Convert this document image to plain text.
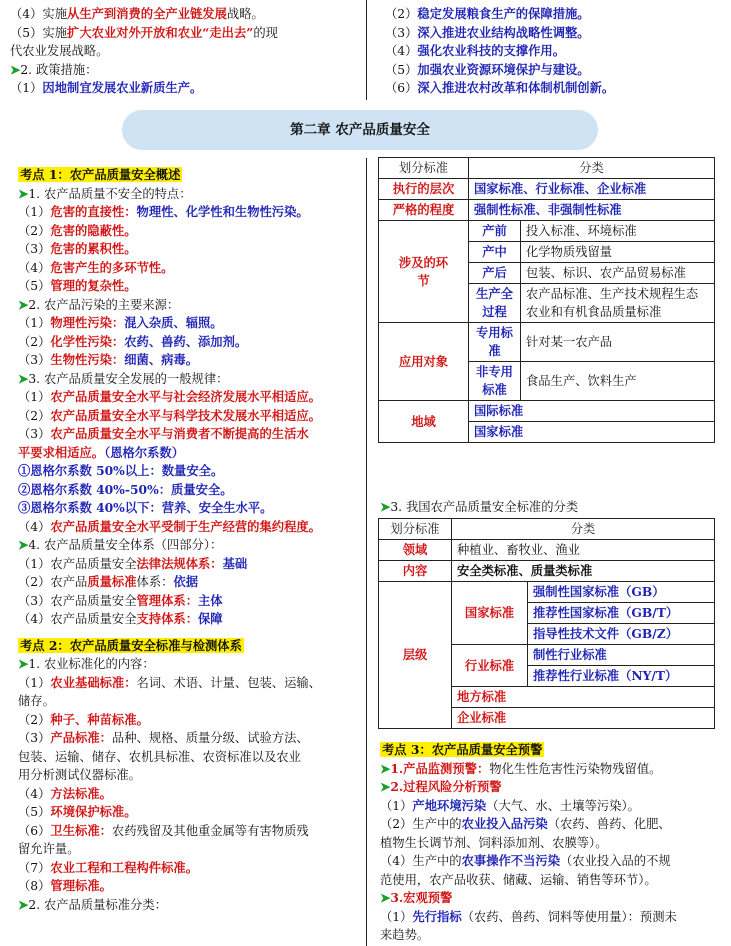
（4）实施从生产到消费的全产业链发展战略。
（5）实施扩大农业对外开放和农业“走出去”的现
代农业发展战略。
➤2. 政策措施：
（1）因地制宜发展农业新质生产。
（2）稳定发展粮食生产的保障措施。
（3）深入推进农业结构战略性调整。
（4）强化农业科技的支撑作用。
（5）加强农业资源环境保护与建设。
（6）深入推进农村改革和体制机制创新。
第二章 农产品质量安全
考点 1：农产品质量安全概述
➤1. 农产品质量不安全的特点：
（1）危害的直接性：物理性、化学性和生物性污染。
（2）危害的隐蔽性。
（3）危害的累积性。
（4）危害产生的多环节性。
（5）管理的复杂性。
➤2. 农产品污染的主要来源：
（1）物理性污染：混入杂质、辐照。
（2）化学性污染：农药、兽药、添加剂。
（3）生物性污染：细菌、病毒。
➤3. 农产品质量安全发展的一般规律：
（1）农产品质量安全水平与社会经济发展水平相适应。
（2）农产品质量安全水平与科学技术发展水平相适应。
（3）农产品质量安全水平与消费者不断提高的生活水
平要求相适应。（恩格尔系数）
①恩格尔系数 50%以上：数量安全。
②恩格尔系数 40%-50%：质量安全。
③恩格尔系数 40%以下：营养、安全生水平。
（4）农产品质量安全水平受制于生产经营的集约程度。
➤4. 农产品质量安全体系（四部分）：
（1）农产品质量安全法律法规体系：基础
（2）农产品质量标准体系：依据
（3）农产品质量安全管理体系：主体
（4）农产品质量安全支持体系：保障
考点 2：农产品质量安全标准与检测体系
➤1. 农业标准化的内容：
（1）农业基础标准：名词、术语、计量、包装、运输、
储存。
（2）种子、种苗标准。
（3）产品标准：品种、规格、质量分级、试验方法、
包装、运输、储存、农机具标准、农资标准以及农业
用分析测试仪器标准。
（4）方法标准。
（5）环境保护标准。
（6）卫生标准：农药残留及其他重金属等有害物质残
留允许量。
（7）农业工程和工程构件标准。
（8）管理标准。
➤2. 农产品质量标准分类：
划分标准	分类	
执行的层次	国家标准、行业标准、企业标准	
严格的程度	强制性标准、非强制性标准	
涉及的环节	产前	投入标准、环境标准
	产中	化学物质残留量
	产后	包装、标识、农产品贸易标准
	生产全过程	农产品标准、生产技术规程生态农业和有机食品质量标准
应用对象	专用标准	针对某一农产品
	非专用标准	食品生产、饮料生产
地域	国际标准	
	国家标准	
➤3. 我国农产品质量安全标准的分类
划分标准	分类	
领域	种植业、畜牧业、渔业	
内容	安全类标准、质量类标准	
层级	国家标准	强制性国家标准（GB）
		推荐性国家标准（GB/T）
		指导性技术文件（GB/Z）
	行业标准	制性行业标准
		推荐性行业标准（NY/T）
	地方标准	
	企业标准	
考点 3：农产品质量安全预警
➤1.产品监测预警：物化生性危害性污染物残留值。
➤2.过程风险分析预警
（1）产地环境污染（大气、水、土壤等污染）。
（2）生产中的农业投入品污染（农药、兽药、化肥、
植物生长调节剂、饲料添加剂、农膜等）。
（4）生产中的农事操作不当污染（农业投入品的不规
范使用，农产品收获、储藏、运输、销售等环节）。
➤3.宏观预警
（1）先行指标（农药、兽药、饲料等使用量）：预测未
来趋势。
